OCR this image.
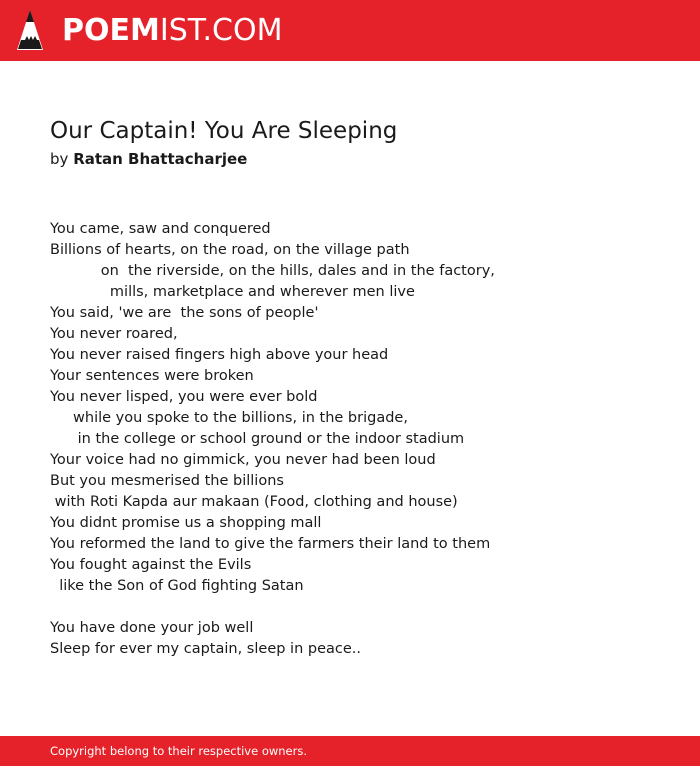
POEMIST.COM
Our Captain! You Are Sleeping
by Ratan Bhattacharjee
You came, saw and conquered
Billions of hearts, on the road, on the village path
on  the riverside, on the hills, dales and in the factory,
mills, marketplace and wherever men live
You said, 'we are  the sons of people'
You never roared,
You never raised fingers high above your head
Your sentences were broken
You never lisped, you were ever bold
while you spoke to the billions, in the brigade,
in the college or school ground or the indoor stadium
Your voice had no gimmick, you never had been loud
But you mesmerised the billions
with Roti Kapda aur makaan (Food, clothing and house)
You didnt promise us a shopping mall
You reformed the land to give the farmers their land to them
You fought against the Evils
like the Son of God fighting Satan
You have done your job well
Sleep for ever my captain, sleep in peace..
Copyright belong to their respective owners.
